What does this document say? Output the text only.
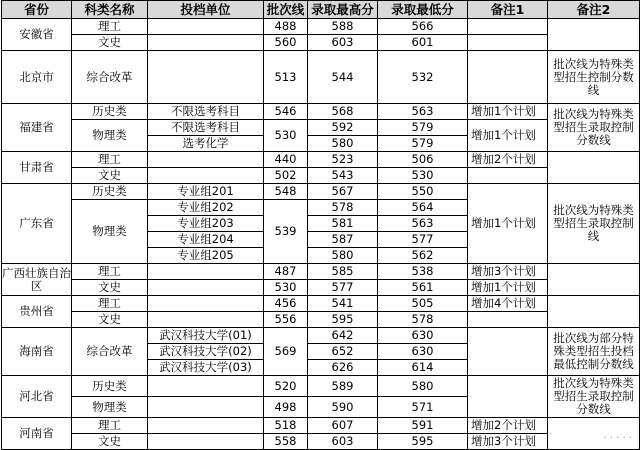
省份	科类名称	投档单位	批次线	录取最高分	录取最低分	备注1	备注2
安徽省	理工		488	588	566		
	文史		560	603	601		
北京市	综合改革		513	544	532		批次线为特殊类型招生控制分数线
福建省	历史类	不限选考科目	546	568	563	增加1个计划	批次线为特殊类型招生录取控制分数线
	物理类	不限选考科目	530	592	579	增加1个计划	
		选考化学		580	579		
甘肃省	理工		440	523	506	增加2个计划	
	文史		502	543	530		
广东省	历史类	专业组201	548	567	550	增加1个计划	批次线为特殊类型招生录取控制线
	物理类	专业组202	539	578	564		
		专业组203		581	563		
		专业组204		587	577		
		专业组205		580	562		
广西壮族自治区	理工		487	585	538	增加3个计划	
	文史		530	577	561	增加1个计划	
贵州省	理工		456	541	505	增加4个计划	
	文史		556	595	578		
海南省	综合改革	武汉科技大学(01)	569	642	630		批次线为部分特殊类型招生投档最低控制分数线
		武汉科技大学(02)		652	630		
		武汉科技大学(03)		626	614		
河北省	历史类		520	589	580		批次线为特殊类型招生录取控制分数线
	物理类		498	590	571		
河南省	理工		518	607	591	增加2个计划	
	文史		558	603	595	增加3个计划		· · · · ·
